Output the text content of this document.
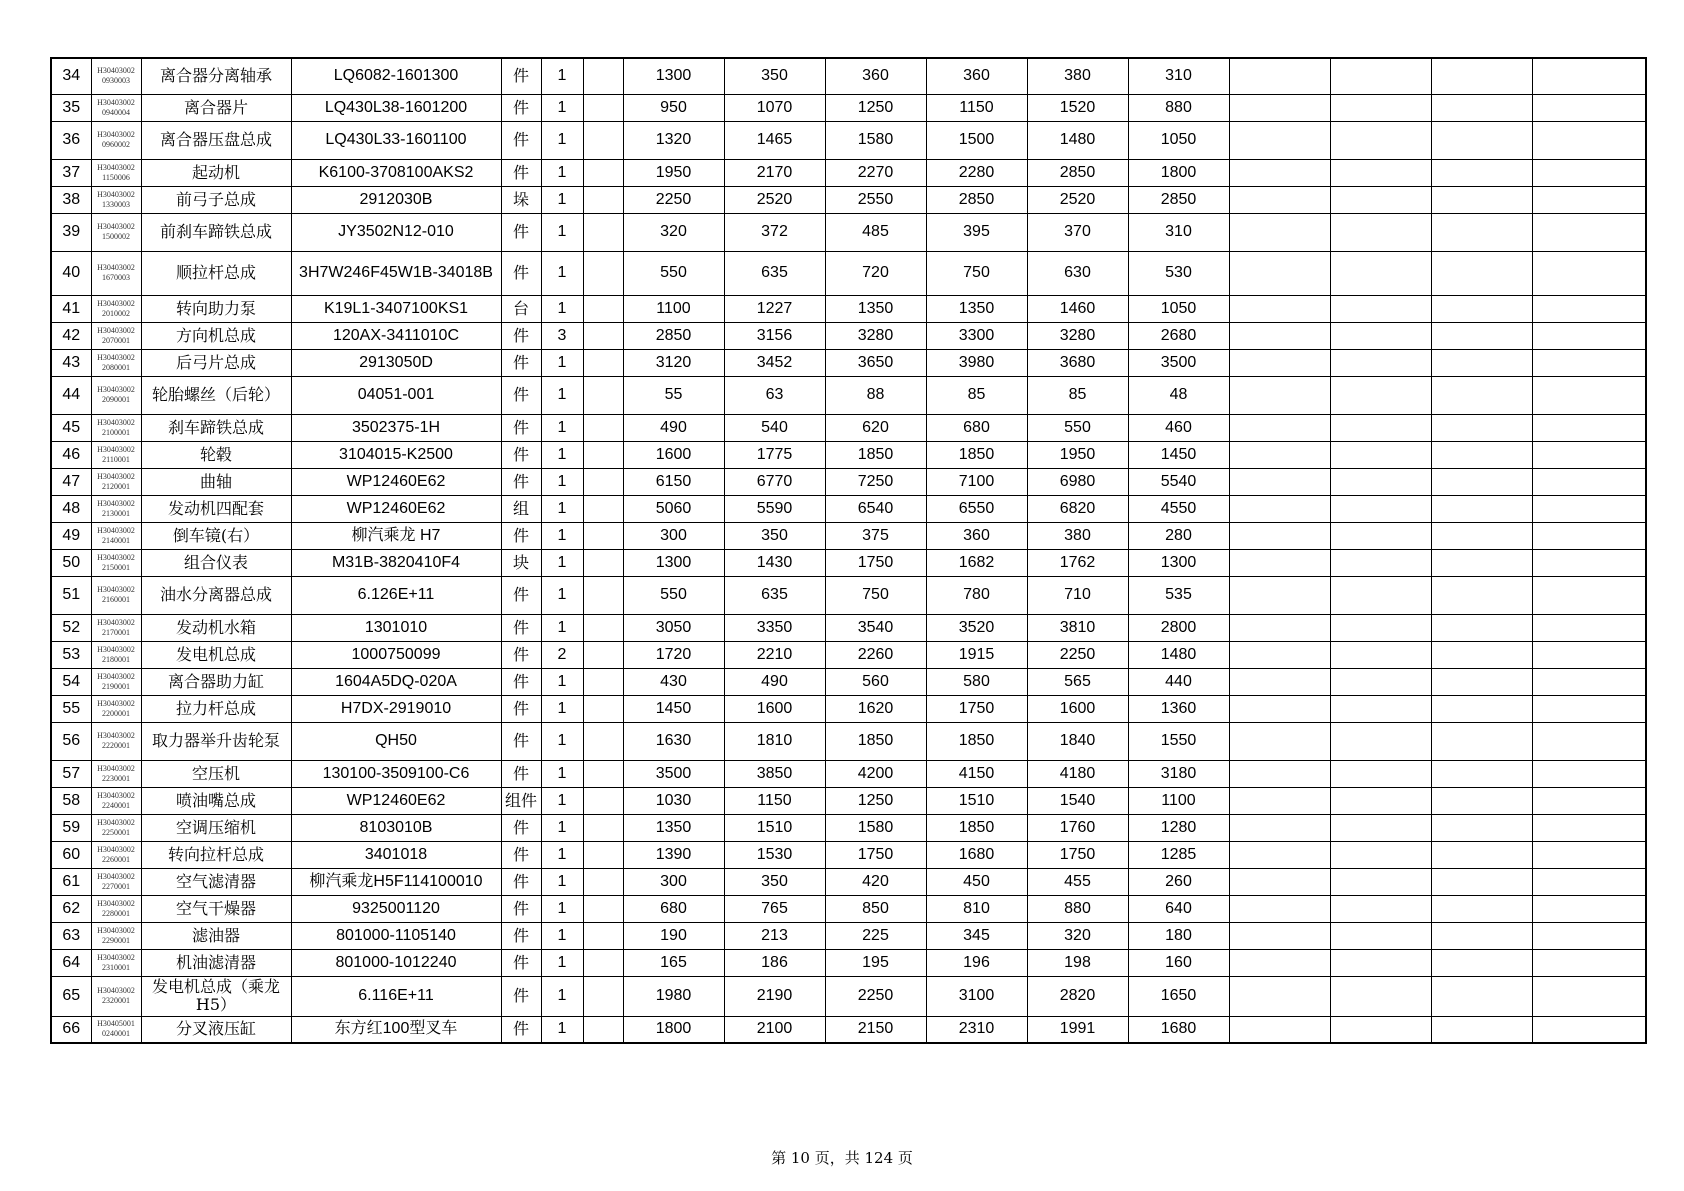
34	H30403002 0930003	离合器分离轴承	LQ6082-1601300	件	1		1300	350	360	360	380	310				
35	H30403002 0940004	离合器片	LQ430L38-1601200	件	1		950	1070	1250	1150	1520	880				
36	H30403002 0960002	离合器压盘总成	LQ430L33-1601100	件	1		1320	1465	1580	1500	1480	1050				
37	H30403002 1150006	起动机	K6100-3708100AKS2	件	1		1950	2170	2270	2280	2850	1800				
38	H30403002 1330003	前弓子总成	2912030B	垛	1		2250	2520	2550	2850	2520	2850				
39	H30403002 1500002	前刹车蹄铁总成	JY3502N12-010	件	1		320	372	485	395	370	310				
40	H30403002 1670003	顺拉杆总成	3H7W246F45W1B-34018B	件	1		550	635	720	750	630	530				
41	H30403002 2010002	转向助力泵	K19L1-3407100KS1	台	1		1100	1227	1350	1350	1460	1050				
42	H30403002 2070001	方向机总成	120AX-3411010C	件	3		2850	3156	3280	3300	3280	2680				
43	H30403002 2080001	后弓片总成	2913050D	件	1		3120	3452	3650	3980	3680	3500				
44	H30403002 2090001	轮胎螺丝（后轮）	04051-001	件	1		55	63	88	85	85	48				
45	H30403002 2100001	刹车蹄铁总成	3502375-1H	件	1		490	540	620	680	550	460				
46	H30403002 2110001	轮毂	3104015-K2500	件	1		1600	1775	1850	1850	1950	1450				
47	H30403002 2120001	曲轴	WP12460E62	件	1		6150	6770	7250	7100	6980	5540				
48	H30403002 2130001	发动机四配套	WP12460E62	组	1		5060	5590	6540	6550	6820	4550				
49	H30403002 2140001	倒车镜(右）	柳汽乘龙 H7	件	1		300	350	375	360	380	280				
50	H30403002 2150001	组合仪表	M31B-3820410F4	块	1		1300	1430	1750	1682	1762	1300				
51	H30403002 2160001	油水分离器总成	6.126E+11	件	1		550	635	750	780	710	535				
52	H30403002 2170001	发动机水箱	1301010	件	1		3050	3350	3540	3520	3810	2800				
53	H30403002 2180001	发电机总成	1000750099	件	2		1720	2210	2260	1915	2250	1480				
54	H30403002 2190001	离合器助力缸	1604A5DQ-020A	件	1		430	490	560	580	565	440				
55	H30403002 2200001	拉力杆总成	H7DX-2919010	件	1		1450	1600	1620	1750	1600	1360				
56	H30403002 2220001	取力器举升齿轮泵	QH50	件	1		1630	1810	1850	1850	1840	1550				
57	H30403002 2230001	空压机	130100-3509100-C6	件	1		3500	3850	4200	4150	4180	3180				
58	H30403002 2240001	喷油嘴总成	WP12460E62	组件	1		1030	1150	1250	1510	1540	1100				
59	H30403002 2250001	空调压缩机	8103010B	件	1		1350	1510	1580	1850	1760	1280				
60	H30403002 2260001	转向拉杆总成	3401018	件	1		1390	1530	1750	1680	1750	1285				
61	H30403002 2270001	空气滤清器	柳汽乘龙H5F114100010	件	1		300	350	420	450	455	260				
62	H30403002 2280001	空气干燥器	9325001120	件	1		680	765	850	810	880	640				
63	H30403002 2290001	滤油器	801000-1105140	件	1		190	213	225	345	320	180				
64	H30403002 2310001	机油滤清器	801000-1012240	件	1		165	186	195	196	198	160				
65	H30403002 2320001	发电机总成（乘龙H5）	6.116E+11	件	1		1980	2190	2250	3100	2820	1650				
66	H30405001 0240001	分叉液压缸	东方红100型叉车	件	1		1800	2100	2150	2310	1991	1680				
第 10 页，共 124 页
